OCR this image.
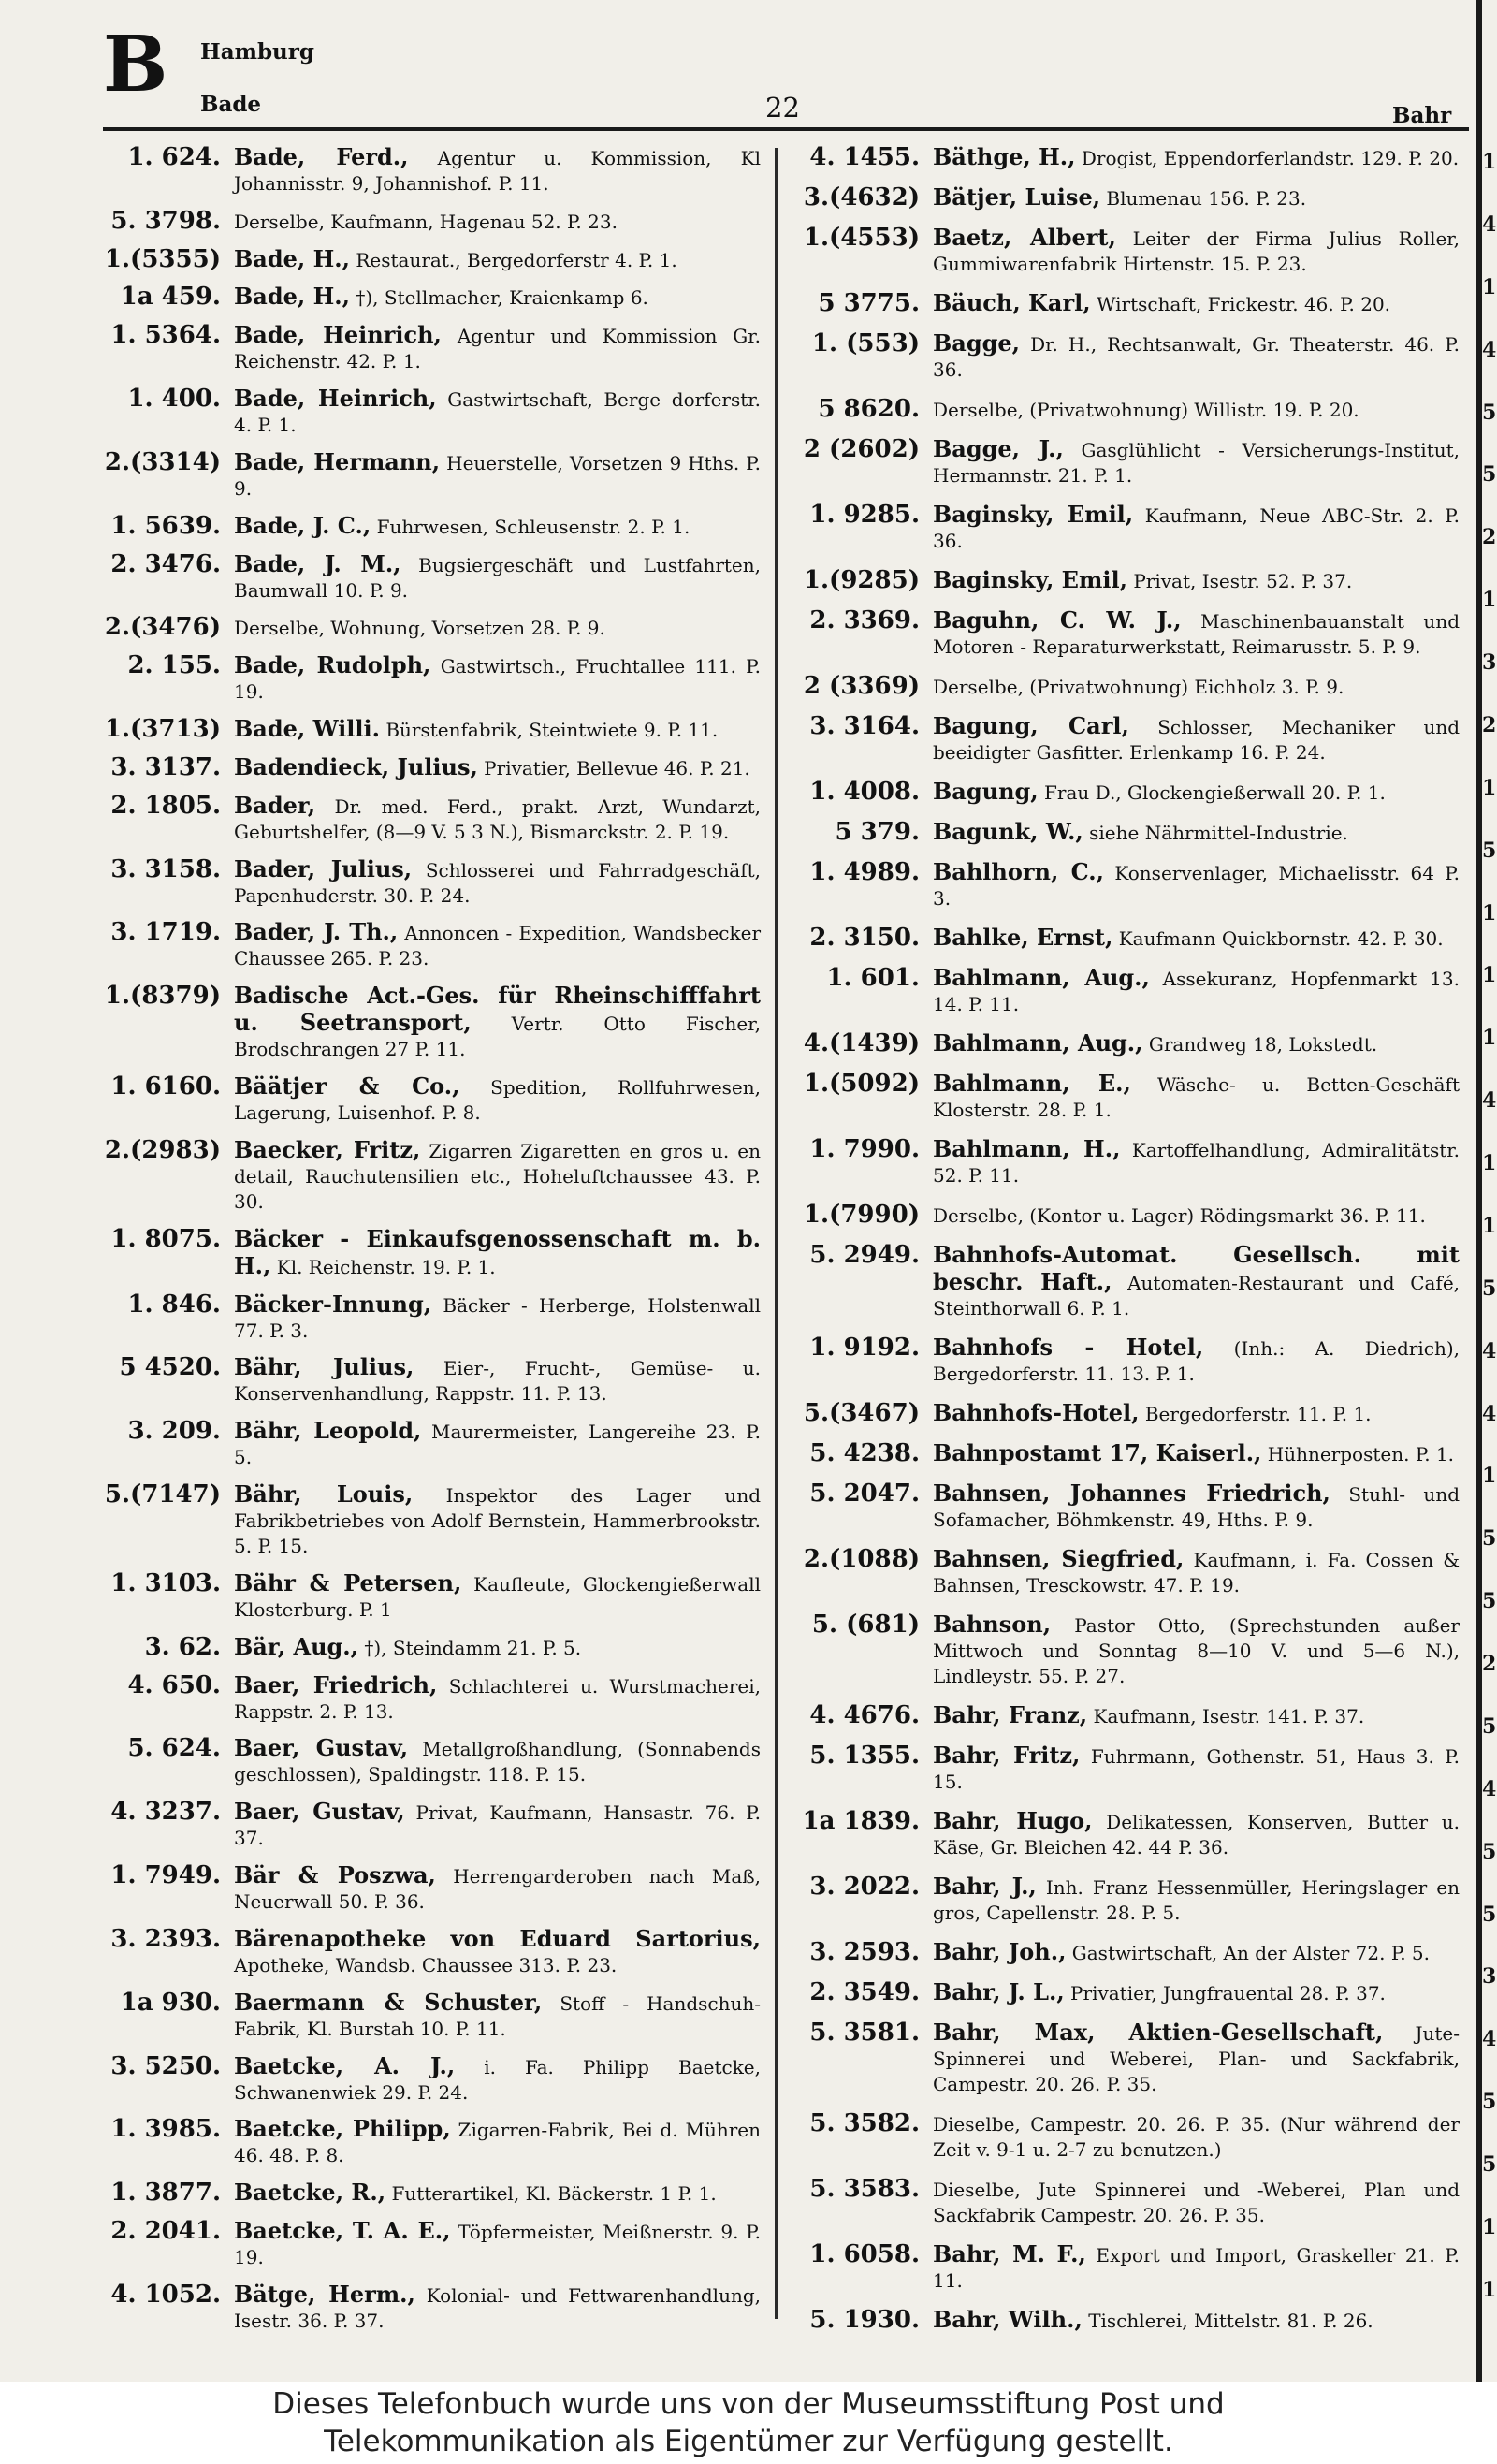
B Hamburg
Bade	22	Bahr
1. 624. Bade, Ferd., Agentur u. Kommission, Kl Johannisstr. 9, Johannishof. P. 11.
5. 3798. Derselbe, Kaufmann, Hagenau 52. P. 23.
1.(5355) Bade, H., Restaurat., Bergedorferstr 4. P. 1.
1a 459. Bade, H., †), Stellmacher, Kraienkamp 6.
1. 5364. Bade, Heinrich, Agentur und Kommission Gr. Reichenstr. 42. P. 1.
1. 400. Bade, Heinrich, Gastwirtschaft, Berge dorferstr. 4. P. 1.
2.(3314) Bade, Hermann, Heuerstelle, Vorsetzen 9 Hths. P. 9.
1. 5639. Bade, J. C., Fuhrwesen, Schleusenstr. 2. P. 1.
2. 3476. Bade, J. M., Bugsiergeschäft und Lustfahrten, Baumwall 10. P. 9.
2.(3476) Derselbe, Wohnung, Vorsetzen 28. P. 9.
2. 155. Bade, Rudolph, Gastwirtsch., Fruchtallee 111. P. 19.
1.(3713) Bade, Willi. Bürstenfabrik, Steintwiete 9. P. 11.
3. 3137. Badendieck, Julius, Privatier, Bellevue 46. P. 21.
2. 1805. Bader, Dr. med. Ferd., prakt. Arzt, Wundarzt, Geburtshelfer, (8—9 V. 5 3 N.), Bismarckstr. 2. P. 19.
3. 3158. Bader, Julius, Schlosserei und Fahrradgeschäft, Papenhuderstr. 30. P. 24.
3. 1719. Bader, J. Th., Annoncen - Expedition, Wandsbecker Chaussee 265. P. 23.
1.(8379) Badische Act.-Ges. für Rheinschifffahrt u. Seetransport, Vertr. Otto Fischer, Brodschrangen 27 P. 11.
1. 6160. Bäätjer & Co., Spedition, Rollfuhrwesen, Lagerung, Luisenhof. P. 8.
2.(2983) Baecker, Fritz, Zigarren Zigaretten en gros u. en detail, Rauchutensilien etc., Hoheluftchaussee 43. P. 30.
1. 8075. Bäcker - Einkaufsgenossenschaft m. b. H., Kl. Reichenstr. 19. P. 1.
1. 846. Bäcker-Innung, Bäcker - Herberge, Holstenwall 77. P. 3.
5 4520. Bähr, Julius, Eier-, Frucht-, Gemüse- u. Konservenhandlung, Rappstr. 11. P. 13.
3. 209. Bähr, Leopold, Maurermeister, Langereihe 23. P. 5.
5.(7147) Bähr, Louis, Inspektor des Lager und Fabrikbetriebes von Adolf Bernstein, Hammerbrookstr. 5. P. 15.
1. 3103. Bähr & Petersen, Kaufleute, Glockengießerwall Klosterburg. P. 1
3. 62. Bär, Aug., †), Steindamm 21. P. 5.
4. 650. Baer, Friedrich, Schlachterei u. Wurstmacherei, Rappstr. 2. P. 13.
5. 624. Baer, Gustav, Metallgroßhandlung, (Sonnabends geschlossen), Spaldingstr. 118. P. 15.
4. 3237. Baer, Gustav, Privat, Kaufmann, Hansastr. 76. P. 37.
1. 7949. Bär & Poszwa, Herrengarderoben nach Maß, Neuerwall 50. P. 36.
3. 2393. Bärenapotheke von Eduard Sartorius, Apotheke, Wandsb. Chaussee 313. P. 23.
1a 930. Baermann & Schuster, Stoff - Handschuh-Fabrik, Kl. Burstah 10. P. 11.
3. 5250. Baetcke, A. J., i. Fa. Philipp Baetcke, Schwanenwiek 29. P. 24.
1. 3985. Baetcke, Philipp, Zigarren-Fabrik, Bei d. Mühren 46. 48. P. 8.
1. 3877. Baetcke, R., Futterartikel, Kl. Bäckerstr. 1 P. 1.
2. 2041. Baetcke, T. A. E., Töpfermeister, Meißnerstr. 9. P. 19.
4. 1052. Bätge, Herm., Kolonial- und Fettwarenhandlung, Isestr. 36. P. 37.
4. 1455. Bäthge, H., Drogist, Eppendorferlandstr. 129. P. 20.
3.(4632) Bätjer, Luise, Blumenau 156. P. 23.
1.(4553) Baetz, Albert, Leiter der Firma Julius Roller, Gummiwarenfabrik Hirtenstr. 15. P. 23.
5 3775. Bäuch, Karl, Wirtschaft, Frickestr. 46. P. 20.
1. (553) Bagge, Dr. H., Rechtsanwalt, Gr. Theaterstr. 46. P. 36.
5 8620. Derselbe, (Privatwohnung) Willistr. 19. P. 20.
2 (2602) Bagge, J., Gasglühlicht - Versicherungs-Institut, Hermannstr. 21. P. 1.
1. 9285. Baginsky, Emil, Kaufmann, Neue ABC-Str. 2. P. 36.
1.(9285) Baginsky, Emil, Privat, Isestr. 52. P. 37.
2. 3369. Baguhn, C. W. J., Maschinenbauanstalt und Motoren - Reparaturwerkstatt, Reimarusstr. 5. P. 9.
2 (3369) Derselbe, (Privatwohnung) Eichholz 3. P. 9.
3. 3164. Bagung, Carl, Schlosser, Mechaniker und beeidigter Gasfitter. Erlenkamp 16. P. 24.
1. 4008. Bagung, Frau D., Glockengießerwall 20. P. 1.
5 379. Bagunk, W., siehe Nährmittel-Industrie.
1. 4989. Bahlhorn, C., Konservenlager, Michaelisstr. 64 P. 3.
2. 3150. Bahlke, Ernst, Kaufmann Quickbornstr. 42. P. 30.
1. 601. Bahlmann, Aug., Assekuranz, Hopfenmarkt 13. 14. P. 11.
4.(1439) Bahlmann, Aug., Grandweg 18, Lokstedt.
1.(5092) Bahlmann, E., Wäsche- u. Betten-Geschäft Klosterstr. 28. P. 1.
1. 7990. Bahlmann, H., Kartoffelhandlung, Admiralitätstr. 52. P. 11.
1.(7990) Derselbe, (Kontor u. Lager) Rödingsmarkt 36. P. 11.
5. 2949. Bahnhofs-Automat. Gesellsch. mit beschr. Haft., Automaten-Restaurant und Café, Steinthorwall 6. P. 1.
1. 9192. Bahnhofs - Hotel, (Inh.: A. Diedrich), Bergedorferstr. 11. 13. P. 1.
5.(3467) Bahnhofs-Hotel, Bergedorferstr. 11. P. 1.
5. 4238. Bahnpostamt 17, Kaiserl., Hühnerposten. P. 1.
5. 2047. Bahnsen, Johannes Friedrich, Stuhl- und Sofamacher, Böhmkenstr. 49, Hths. P. 9.
2.(1088) Bahnsen, Siegfried, Kaufmann, i. Fa. Cossen & Bahnsen, Tresckowstr. 47. P. 19.
5. (681) Bahnson, Pastor Otto, (Sprechstunden außer Mittwoch und Sonntag 8—10 V. und 5—6 N.), Lindleystr. 55. P. 27.
4. 4676. Bahr, Franz, Kaufmann, Isestr. 141. P. 37.
5. 1355. Bahr, Fritz, Fuhrmann, Gothenstr. 51, Haus 3. P. 15.
1a 1839. Bahr, Hugo, Delikatessen, Konserven, Butter u. Käse, Gr. Bleichen 42. 44 P. 36.
3. 2022. Bahr, J., Inh. Franz Hessenmüller, Heringslager en gros, Capellenstr. 28. P. 5.
3. 2593. Bahr, Joh., Gastwirtschaft, An der Alster 72. P. 5.
2. 3549. Bahr, J. L., Privatier, Jungfrauental 28. P. 37.
5. 3581. Bahr, Max, Aktien-Gesellschaft, Jute-Spinnerei und Weberei, Plan- und Sackfabrik, Campestr. 20. 26. P. 35.
5. 3582. Dieselbe, Campestr. 20. 26. P. 35. (Nur während der Zeit v. 9-1 u. 2-7 zu benutzen.)
5. 3583. Dieselbe, Jute Spinnerei und -Weberei, Plan und Sackfabrik Campestr. 20. 26. P. 35.
1. 6058. Bahr, M. F., Export und Import, Graskeller 21. P. 11.
5. 1930. Bahr, Wilh., Tischlerei, Mittelstr. 81. P. 26.
1
4
1
4
5
5
2
1
3
2
1
5
1
1
1
4
1
1
5
4
4
1
5
5
2
5
4
5
5
3
4
5
5
1
1
Dieses Telefonbuch wurde uns von der Museumsstiftung Post und
Telekommunikation als Eigentümer zur Verfügung gestellt.
